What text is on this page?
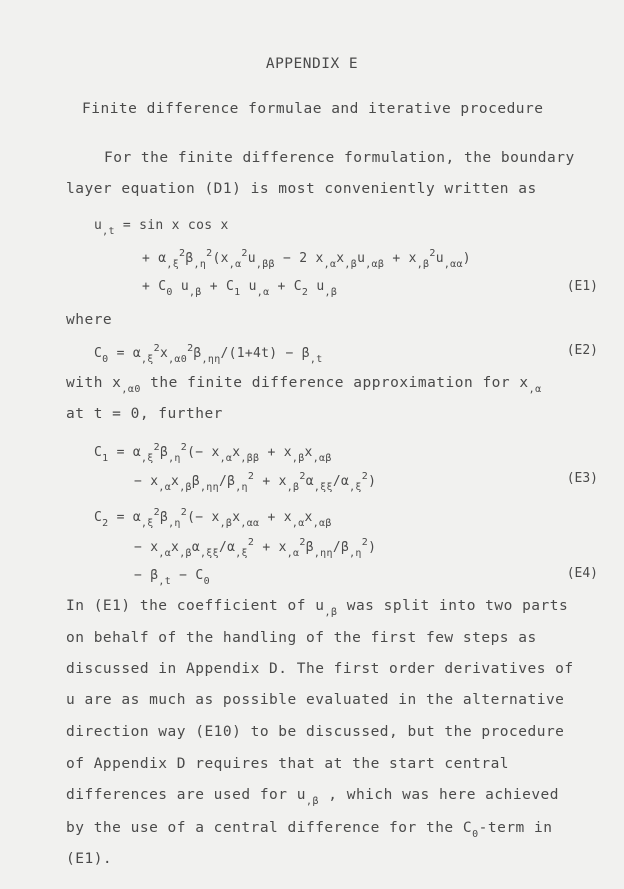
APPENDIX E
Finite difference formulae and iterative procedure
For the finite difference formulation, the boundary
layer equation (D1) is most conveniently written as
$u_{,t} = \sin x$ cos x
+ $\alpha_{,\xi}^2\beta_{,\eta}^2(x_{,\alpha}^2u_{,\beta\beta} - 2$ $x_{,\alpha}x_{,\beta}u_{,\alpha\beta} + x_{,\beta}^2u_{,\alpha\alpha}$)
+ $C_0$ $u_{,\beta} + C_1$ $u_{,\alpha} + C_2$ $u_{,\beta}$	(E1)
where
$C_0 = \alpha_{,\xi}^2x_{,\alpha 0}^2\beta_{,\eta\eta}/(1+4t) - \beta_{,t}$
(E2)
with $x_{,\alpha 0}$ the finite difference approximation for $x_{,\alpha}$
at t = 0, further
$C_1 = \alpha_{,\xi}^2\beta_{,\eta}^2(- x_{,\alpha}x_{,\beta\beta} + x_{,\beta}x_{,\alpha\beta}$
− $x_{,\alpha}x_{,\beta}\beta_{,\eta\eta}/\beta_{,\eta}^2 + x_{,\beta}^2\alpha_{,\xi\xi}/\alpha_{,\xi}^2$)	(E3)
$C_2 = \alpha_{,\xi}^2\beta_{,\eta}^2(- x_{,\beta}x_{,\alpha\alpha} + x_{,\alpha}x_{,\alpha\beta}$
− $x_{,\alpha}x_{,\beta}\alpha_{,\xi\xi}/\alpha_{,\xi}^2 + x_{,\alpha}^2\beta_{,\eta\eta}/\beta_{,\eta}^2$)
− $\beta_{,t} - C_0$
(E4)
In (E1) the coefficient of $u_{,\beta}$ was split into two parts
on behalf of the handling of the first few steps as
discussed in Appendix D. The first order derivatives of
u are as much as possible evaluated in the alternative
direction way (E10) to be discussed, but the procedure
of Appendix D requires that at the start central
differences are used for $u_{,\beta}$ , which was here achieved
by the use of a central difference for the $C_0$-term in
(E1).
